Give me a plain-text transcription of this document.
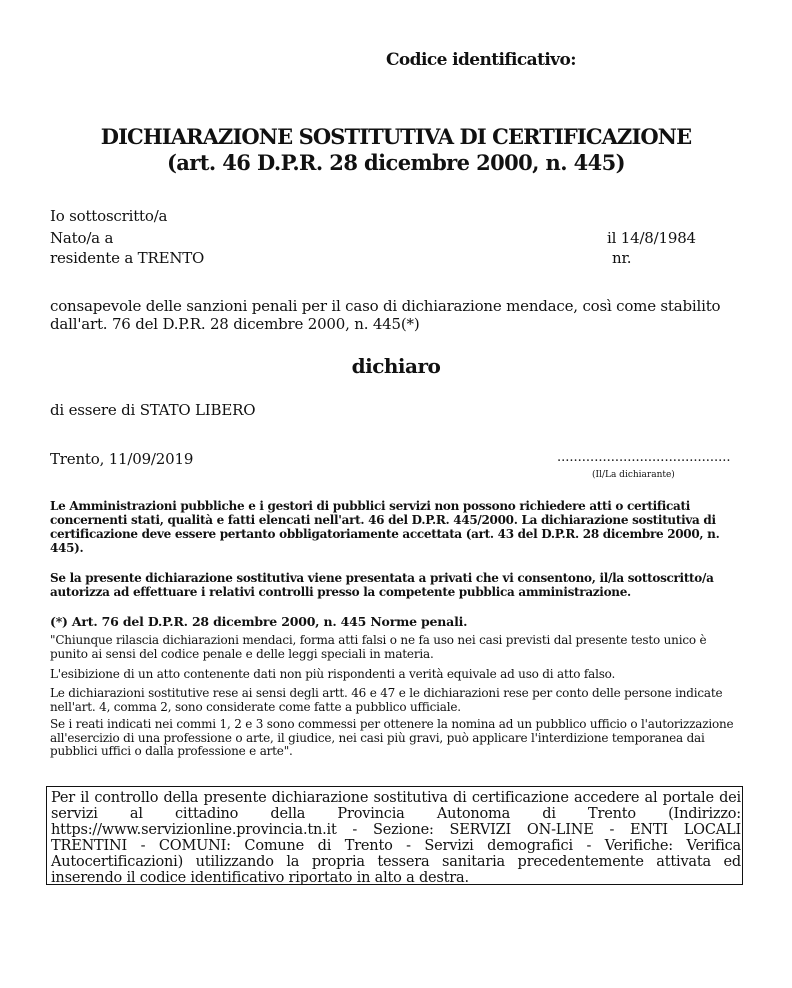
Codice identificativo:
DICHIARAZIONE SOSTITUTIVA DI CERTIFICAZIONE
(art. 46 D.P.R. 28 dicembre 2000, n. 445)
Io sottoscritto/a
Nato/a a	il 14/8/1984
residente a TRENTO	nr.
consapevole delle sanzioni penali per il caso di dichiarazione mendace, così come stabilito dall'art. 76 del D.P.R. 28 dicembre 2000, n. 445(*)
dichiaro
di essere di STATO LIBERO
Trento, 11/09/2019	..........................................
(Il/La dichiarante)
Le Amministrazioni pubbliche e i gestori di pubblici servizi non possono richiedere atti o certificati concernenti stati, qualità e fatti elencati nell'art. 46 del D.P.R. 445/2000. La dichiarazione sostitutiva di certificazione deve essere pertanto obbligatoriamente accettata (art. 43 del D.P.R. 28 dicembre 2000, n. 445).
Se la presente dichiarazione sostitutiva viene presentata a privati che vi consentono, il/la sottoscritto/a autorizza ad effettuare i relativi controlli presso la competente pubblica amministrazione.
(*) Art. 76 del D.P.R. 28 dicembre 2000, n. 445 Norme penali.
"Chiunque rilascia dichiarazioni mendaci, forma atti falsi o ne fa uso nei casi previsti dal presente testo unico è punito ai sensi del codice penale e delle leggi speciali in materia.
L'esibizione di un atto contenente dati non più rispondenti a verità equivale ad uso di atto falso.
Le dichiarazioni sostitutive rese ai sensi degli artt. 46 e 47 e le dichiarazioni rese per conto delle persone indicate nell'art. 4, comma 2, sono considerate come fatte a pubblico ufficiale.
Se i reati indicati nei commi 1, 2 e 3 sono commessi per ottenere la nomina ad un pubblico ufficio o l'autorizzazione all'esercizio di una professione o arte, il giudice, nei casi più gravi, può applicare l'interdizione temporanea dai pubblici uffici o dalla professione e arte".
Per il controllo della presente dichiarazione sostitutiva di certificazione accedere al portale dei servizi al cittadino della Provincia Autonoma di Trento (Indirizzo: https://www.servizionline.provincia.tn.it - Sezione: SERVIZI ON-LINE - ENTI LOCALI TRENTINI - COMUNI: Comune di Trento - Servizi demografici - Verifiche: Verifica Autocertificazioni) utilizzando la propria tessera sanitaria precedentemente attivata ed inserendo il codice identificativo riportato in alto a destra.
